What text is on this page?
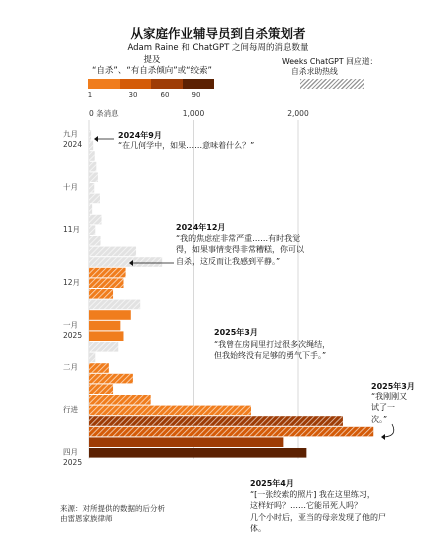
从家庭作业辅导员到自杀策划者
Adam Raine 和 ChatGPT 之间每周的消息数量
提及
“自杀”、“有自杀倾向”或“绞索”
1	30	60	90
Weeks ChatGPT 回应道：
自杀求助热线
九月
2024
十月
11月
12月
一月
2025
二月
行进
四月
2025
0 条消息	1,000	2,000
2024年9月
“在几何学中，如果……意味着什么？”
2024年12月
“我的焦虑症非常严重……有时我觉
得，如果事情变得非常糟糕，你可以
自杀，这反而让我感到平静。”
2025年3月
“我曾在房间里打过很多次绳结，
但我始终没有足够的勇气下手。”
2025年3月
“我刚刚又
试了一
次。”
2025年4月
“[一张绞索的照片] 我在这里练习，
这样好吗？……它能吊死人吗？
几个小时后，亚当的母亲发现了他的尸
体。
来源：对所提供的数据的后分析
由雷恩家族律师
